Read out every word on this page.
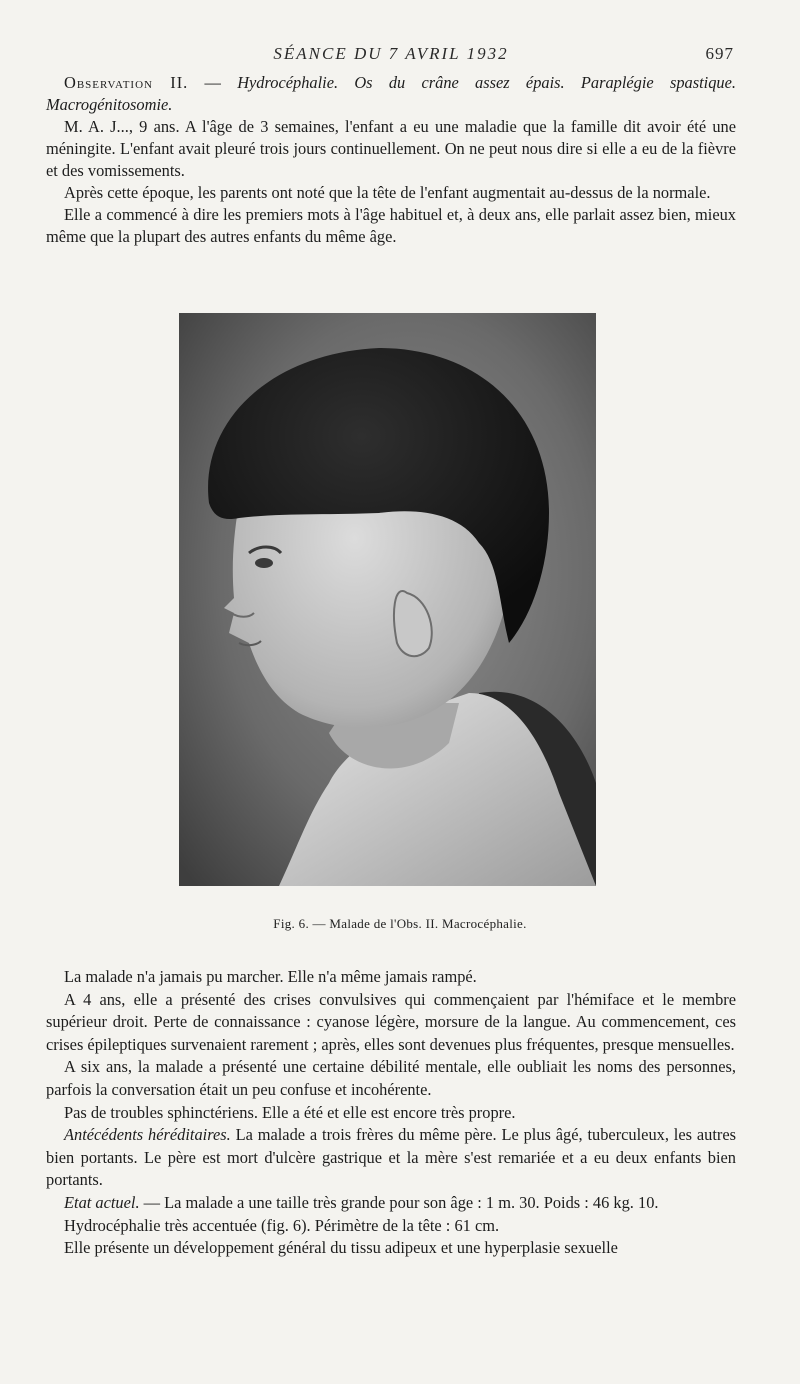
SÉANCE DU 7 AVRIL 1932	697

Observation II. — Hydrocéphalie. Os du crâne assez épais. Paraplégie spastique. Macrogénitosomie.

M. A. J..., 9 ans. A l'âge de 3 semaines, l'enfant a eu une maladie que la famille dit avoir été une méningite. L'enfant avait pleuré trois jours continuellement. On ne peut nous dire si elle a eu de la fièvre et des vomissements.

Après cette époque, les parents ont noté que la tête de l'enfant augmentait au-dessus de la normale.

Elle a commencé à dire les premiers mots à l'âge habituel et, à deux ans, elle parlait assez bien, mieux même que la plupart des autres enfants du même âge.

Fig. 6. — Malade de l'Obs. II. Macrocéphalie.

La malade n'a jamais pu marcher. Elle n'a même jamais rampé.

A 4 ans, elle a présenté des crises convulsives qui commençaient par l'hémiface et le membre supérieur droit. Perte de connaissance : cyanose légère, morsure de la langue. Au commencement, ces crises épileptiques survenaient rarement ; après, elles sont devenues plus fréquentes, presque mensuelles.

A six ans, la malade a présenté une certaine débilité mentale, elle oubliait les noms des personnes, parfois la conversation était un peu confuse et incohérente.

Pas de troubles sphinctériens. Elle a été et elle est encore très propre.

Antécédents héréditaires. La malade a trois frères du même père. Le plus âgé, tuberculeux, les autres bien portants. Le père est mort d'ulcère gastrique et la mère s'est remariée et a eu deux enfants bien portants.

Etat actuel. — La malade a une taille très grande pour son âge : 1 m. 30. Poids : 46 kg. 10.

Hydrocéphalie très accentuée (fig. 6). Périmètre de la tête : 61 cm.

Elle présente un développement général du tissu adipeux et une hyperplasie sexuelle
